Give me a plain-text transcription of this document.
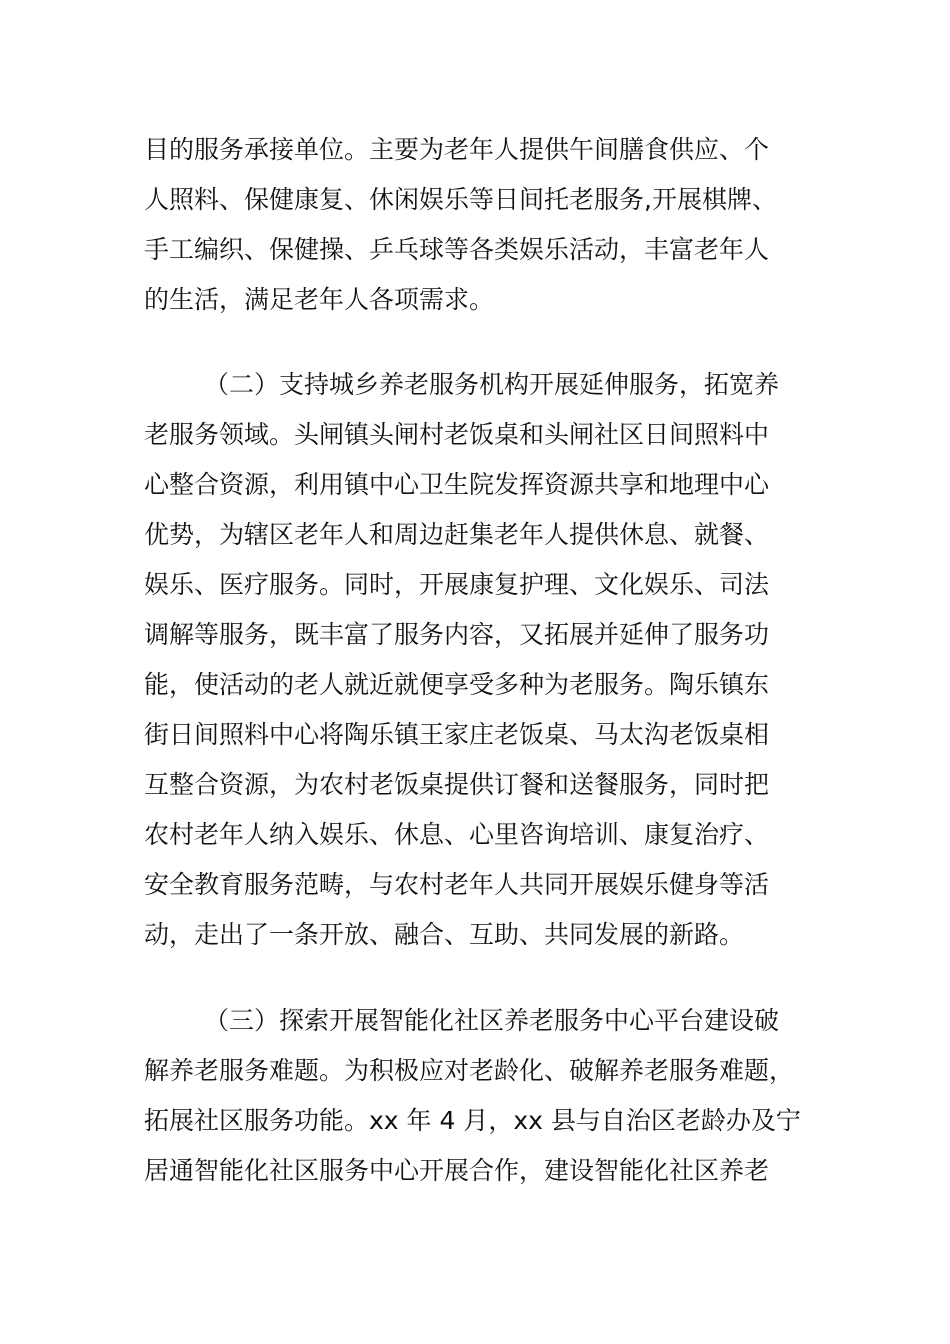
目的服务承接单位。主要为老年人提供午间膳食供应、个
人照料、保健康复、休闲娱乐等日间托老服务,开展棋牌、
手工编织、保健操、乒乓球等各类娱乐活动，丰富老年人
的生活，满足老年人各项需求。
（二）支持城乡养老服务机构开展延伸服务，拓宽养
老服务领域。头闸镇头闸村老饭桌和头闸社区日间照料中
心整合资源，利用镇中心卫生院发挥资源共享和地理中心
优势，为辖区老年人和周边赶集老年人提供休息、就餐、
娱乐、医疗服务。同时，开展康复护理、文化娱乐、司法
调解等服务，既丰富了服务内容，又拓展并延伸了服务功
能，使活动的老人就近就便享受多种为老服务。陶乐镇东
街日间照料中心将陶乐镇王家庄老饭桌、马太沟老饭桌相
互整合资源，为农村老饭桌提供订餐和送餐服务，同时把
农村老年人纳入娱乐、休息、心里咨询培训、康复治疗、
安全教育服务范畴，与农村老年人共同开展娱乐健身等活
动，走出了一条开放、融合、互助、共同发展的新路。
（三）探索开展智能化社区养老服务中心平台建设破
解养老服务难题。为积极应对老龄化、破解养老服务难题，
拓展社区服务功能。xx 年 4 月，xx 县与自治区老龄办及宁
居通智能化社区服务中心开展合作，建设智能化社区养老
